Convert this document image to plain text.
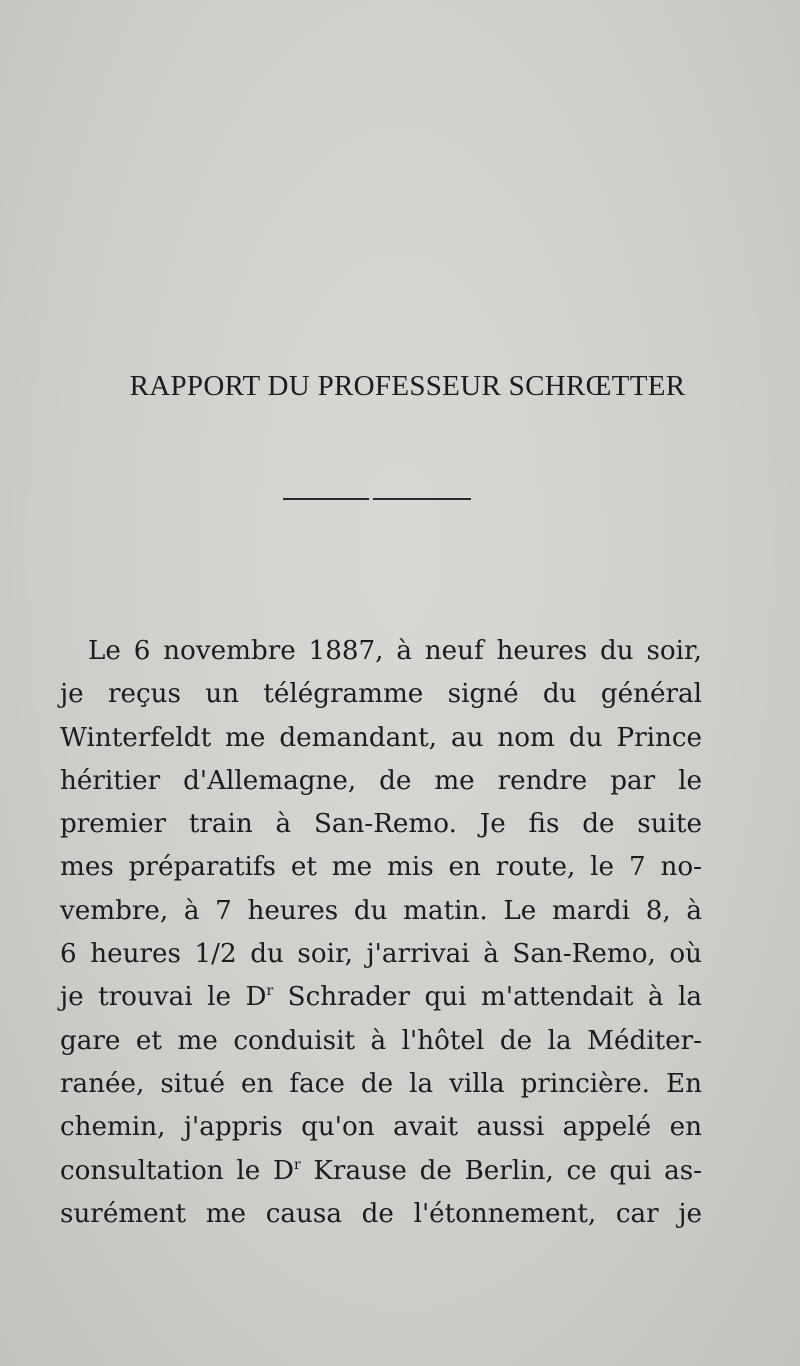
RAPPORT DU PROFESSEUR SCHRŒTTER
Le 6 novembre 1887, à neuf heures du soir,
je reçus un télégramme signé du général
Winterfeldt me demandant, au nom du Prince
héritier d'Allemagne, de me rendre par le
premier train à San-Remo. Je fis de suite
mes préparatifs et me mis en route, le 7 no-
vembre, à 7 heures du matin. Le mardi 8, à
6 heures 1/2 du soir, j'arrivai à San-Remo, où
je trouvai le $D^r$ Schrader qui m'attendait à la
gare et me conduisit à l'hôtel de la Méditer-
ranée, situé en face de la villa princière. En
chemin, j'appris qu'on avait aussi appelé en
consultation le $D^r$ Krause de Berlin, ce qui as-
surément me causa de l'étonnement, car je
